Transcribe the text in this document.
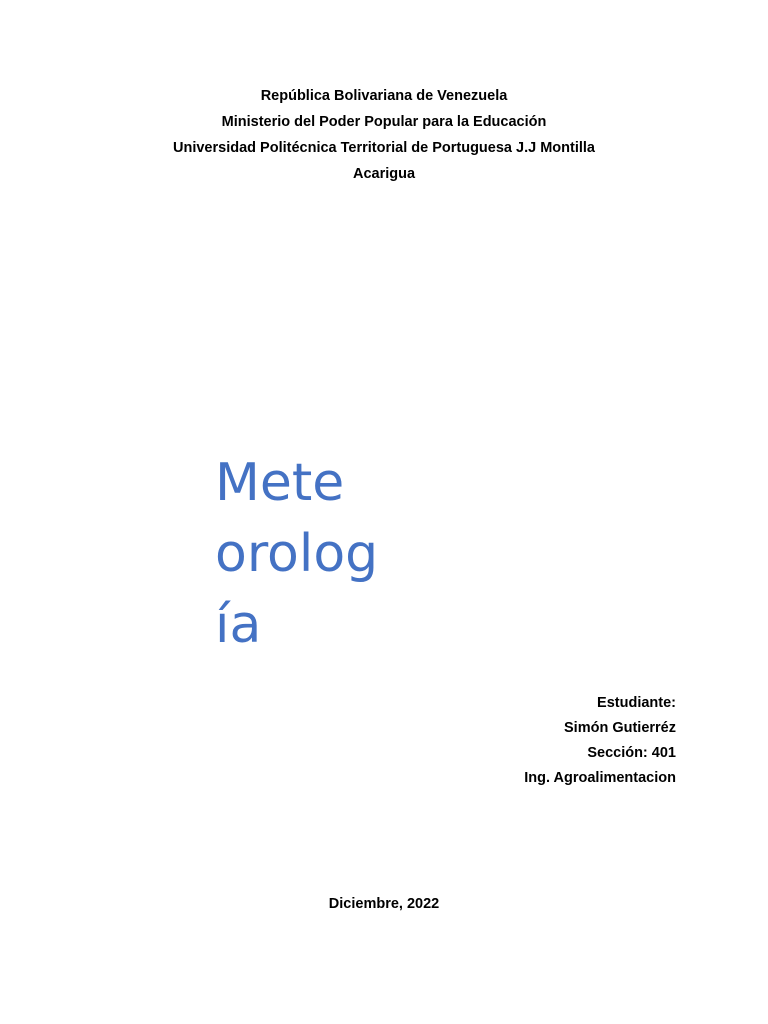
República Bolivariana de Venezuela
Ministerio del Poder Popular para la Educación
Universidad Politécnica Territorial de Portuguesa J.J Montilla
Acarigua
Mete
orolog
ía
Estudiante:
Simón Gutierréz
Sección: 401
Ing. Agroalimentacion
Diciembre, 2022
